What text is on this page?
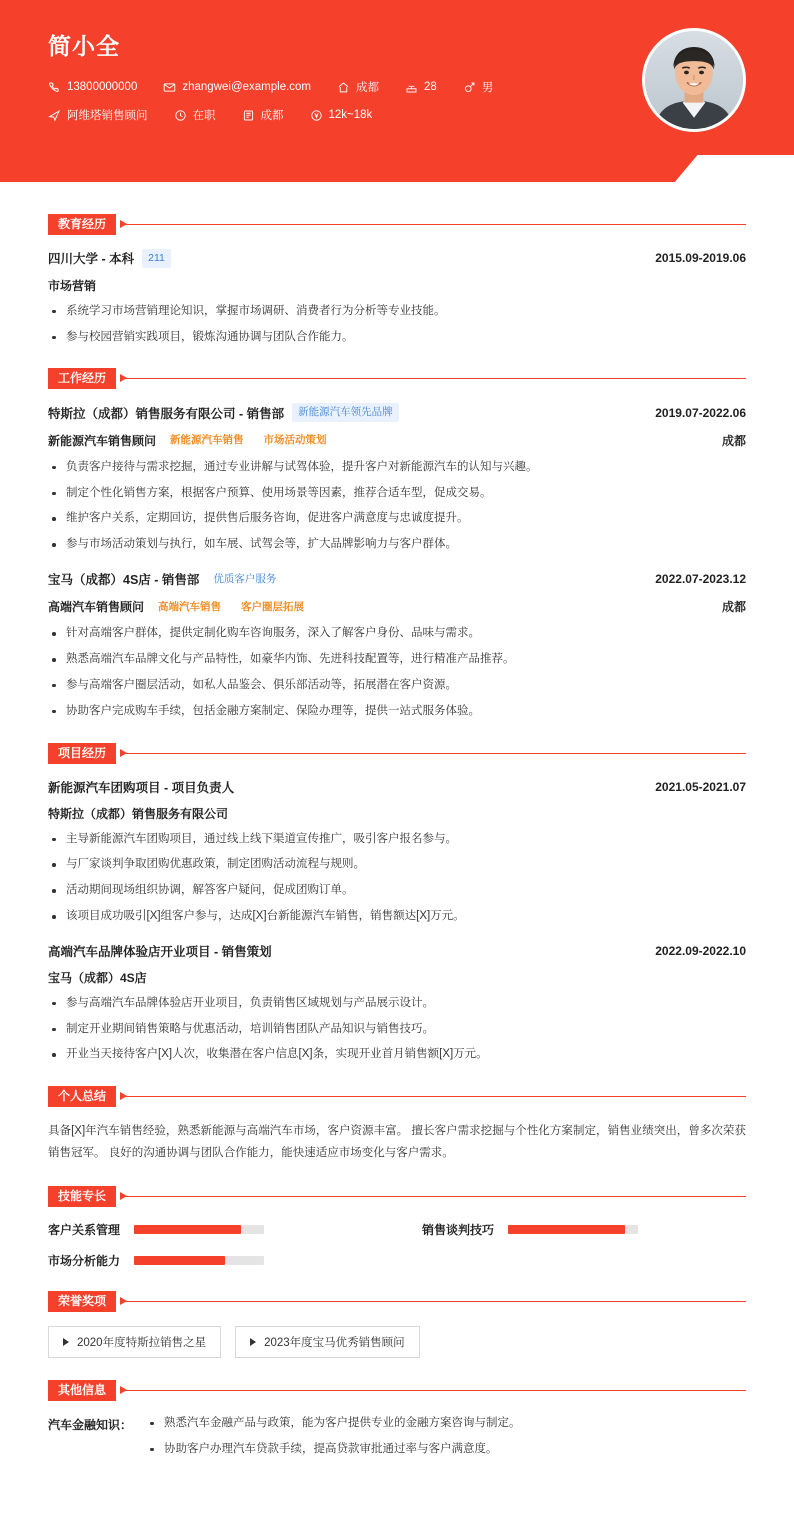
简小全
13800000000	zhangwei@example.com	成都	28	男
阿维塔销售顾问	在职	成都	12k~18k
教育经历
四川大学 - 本科	211	2015.09-2019.06
市场营销
系统学习市场营销理论知识，掌握市场调研、消费者行为分析等专业技能。
参与校园营销实践项目，锻炼沟通协调与团队合作能力。
工作经历
特斯拉（成都）销售服务有限公司 - 销售部	新能源汽车领先品牌	2019.07-2022.06
新能源汽车销售顾问	新能源汽车销售	市场活动策划	成都
负责客户接待与需求挖掘，通过专业讲解与试驾体验，提升客户对新能源汽车的认知与兴趣。
制定个性化销售方案，根据客户预算、使用场景等因素，推荐合适车型，促成交易。
维护客户关系，定期回访，提供售后服务咨询，促进客户满意度与忠诚度提升。
参与市场活动策划与执行，如车展、试驾会等，扩大品牌影响力与客户群体。
宝马（成都）4S店 - 销售部	优质客户服务	2022.07-2023.12
高端汽车销售顾问	高端汽车销售	客户圈层拓展	成都
针对高端客户群体，提供定制化购车咨询服务，深入了解客户身份、品味与需求。
熟悉高端汽车品牌文化与产品特性，如豪华内饰、先进科技配置等，进行精准产品推荐。
参与高端客户圈层活动，如私人品鉴会、俱乐部活动等，拓展潜在客户资源。
协助客户完成购车手续，包括金融方案制定、保险办理等，提供一站式服务体验。
项目经历
新能源汽车团购项目 - 项目负责人	2021.05-2021.07
特斯拉（成都）销售服务有限公司
主导新能源汽车团购项目，通过线上线下渠道宣传推广，吸引客户报名参与。
与厂家谈判争取团购优惠政策，制定团购活动流程与规则。
活动期间现场组织协调，解答客户疑问，促成团购订单。
该项目成功吸引[X]组客户参与，达成[X]台新能源汽车销售，销售额达[X]万元。
高端汽车品牌体验店开业项目 - 销售策划	2022.09-2022.10
宝马（成都）4S店
参与高端汽车品牌体验店开业项目，负责销售区域规划与产品展示设计。
制定开业期间销售策略与优惠活动，培训销售团队产品知识与销售技巧。
开业当天接待客户[X]人次，收集潜在客户信息[X]条，实现开业首月销售额[X]万元。
个人总结
具备[X]年汽车销售经验，熟悉新能源与高端汽车市场，客户资源丰富。 擅长客户需求挖掘与个性化方案制定，销售业绩突出，曾多次荣获销售冠军。 良好的沟通协调与团队合作能力，能快速适应市场变化与客户需求。
技能专长
客户关系管理	销售谈判技巧
市场分析能力
荣誉奖项
2020年度特斯拉销售之星	2023年度宝马优秀销售顾问
其他信息
汽车金融知识：	熟悉汽车金融产品与政策，能为客户提供专业的金融方案咨询与制定。
协助客户办理汽车贷款手续，提高贷款审批通过率与客户满意度。
